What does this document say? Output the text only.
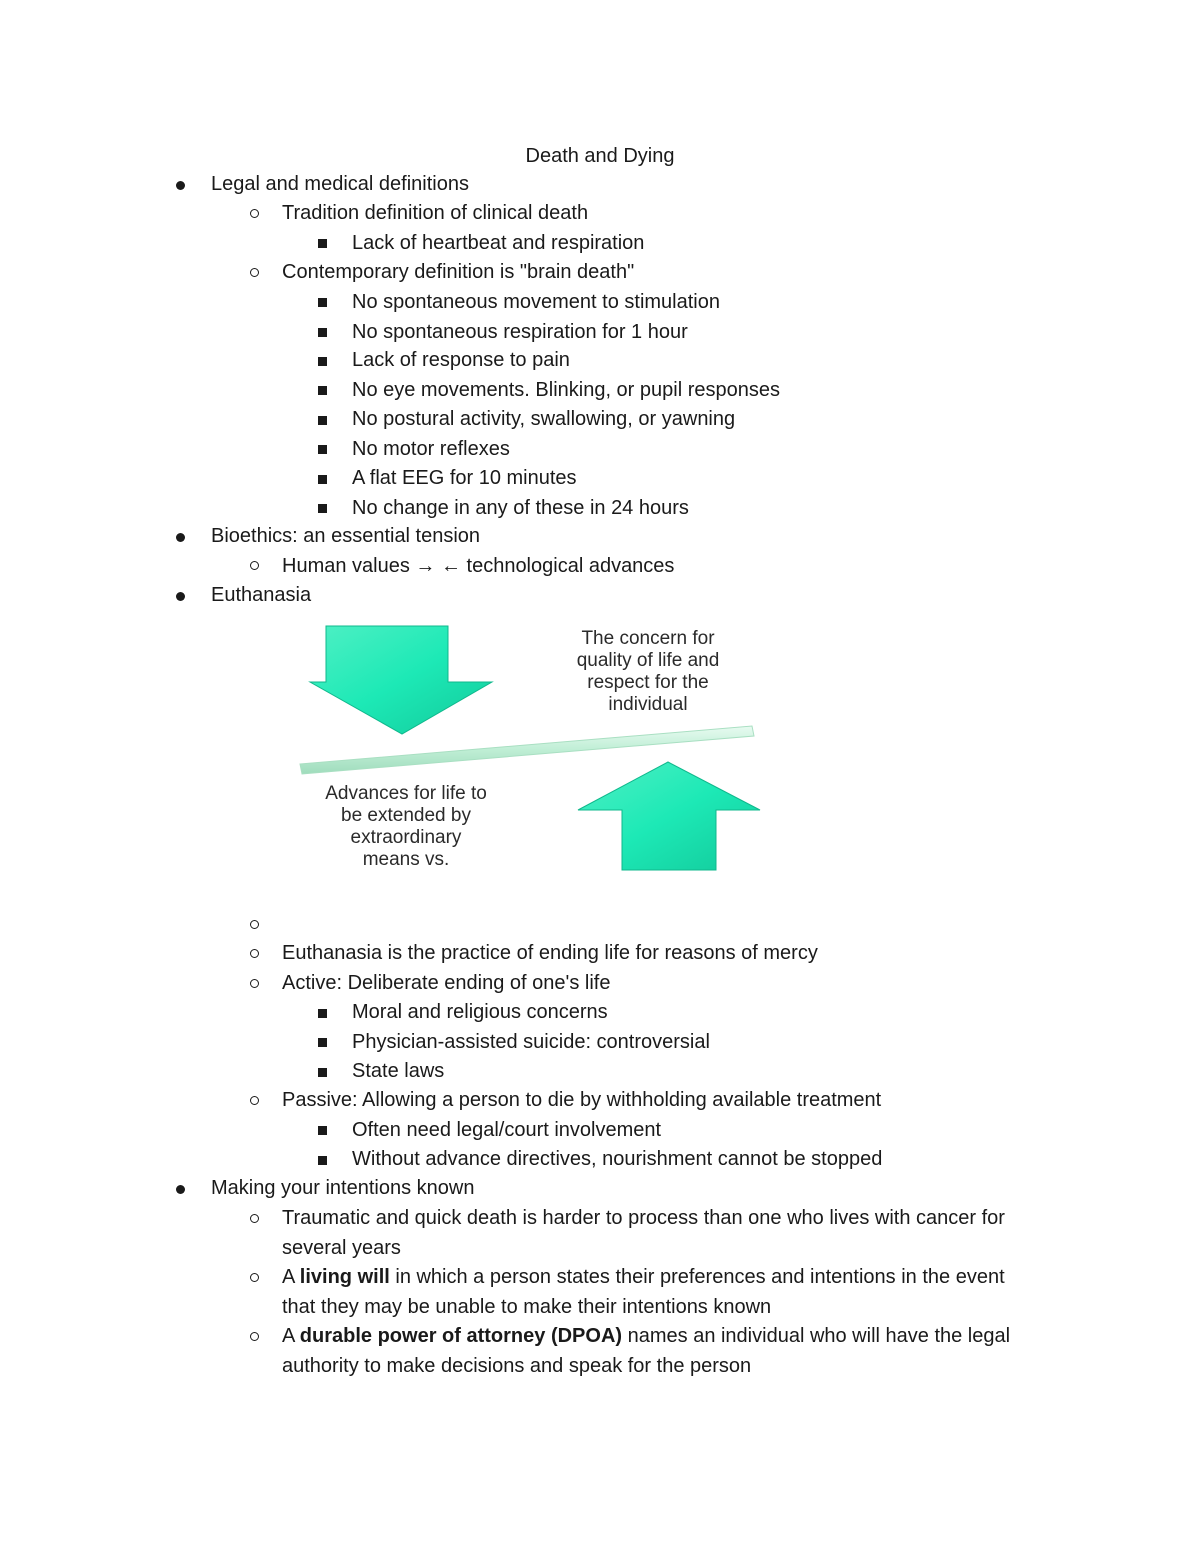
Death and Dying
Legal and medical definitions
Tradition definition of clinical death
Lack of heartbeat and respiration
Contemporary definition is "brain death"
No spontaneous movement to stimulation
No spontaneous respiration for 1 hour
Lack of response to pain
No eye movements. Blinking, or pupil responses
No postural activity, swallowing, or yawning
No motor reflexes
A flat EEG for 10 minutes
No change in any of these in 24 hours
Bioethics: an essential tension
Human values → ← technological advances
Euthanasia
The concern for
quality of life and
respect for the
individual
Advances for life to
be extended by
extraordinary
means vs.
Euthanasia is the practice of ending life for reasons of mercy
Active: Deliberate ending of one's life
Moral and religious concerns
Physician-assisted suicide: controversial
State laws
Passive: Allowing a person to die by withholding available treatment
Often need legal/court involvement
Without advance directives, nourishment cannot be stopped
Making your intentions known
Traumatic and quick death is harder to process than one who lives with cancer for several years
A living will in which a person states their preferences and intentions in the event that they may be unable to make their intentions known
A durable power of attorney (DPOA) names an individual who will have the legal authority to make decisions and speak for the person
